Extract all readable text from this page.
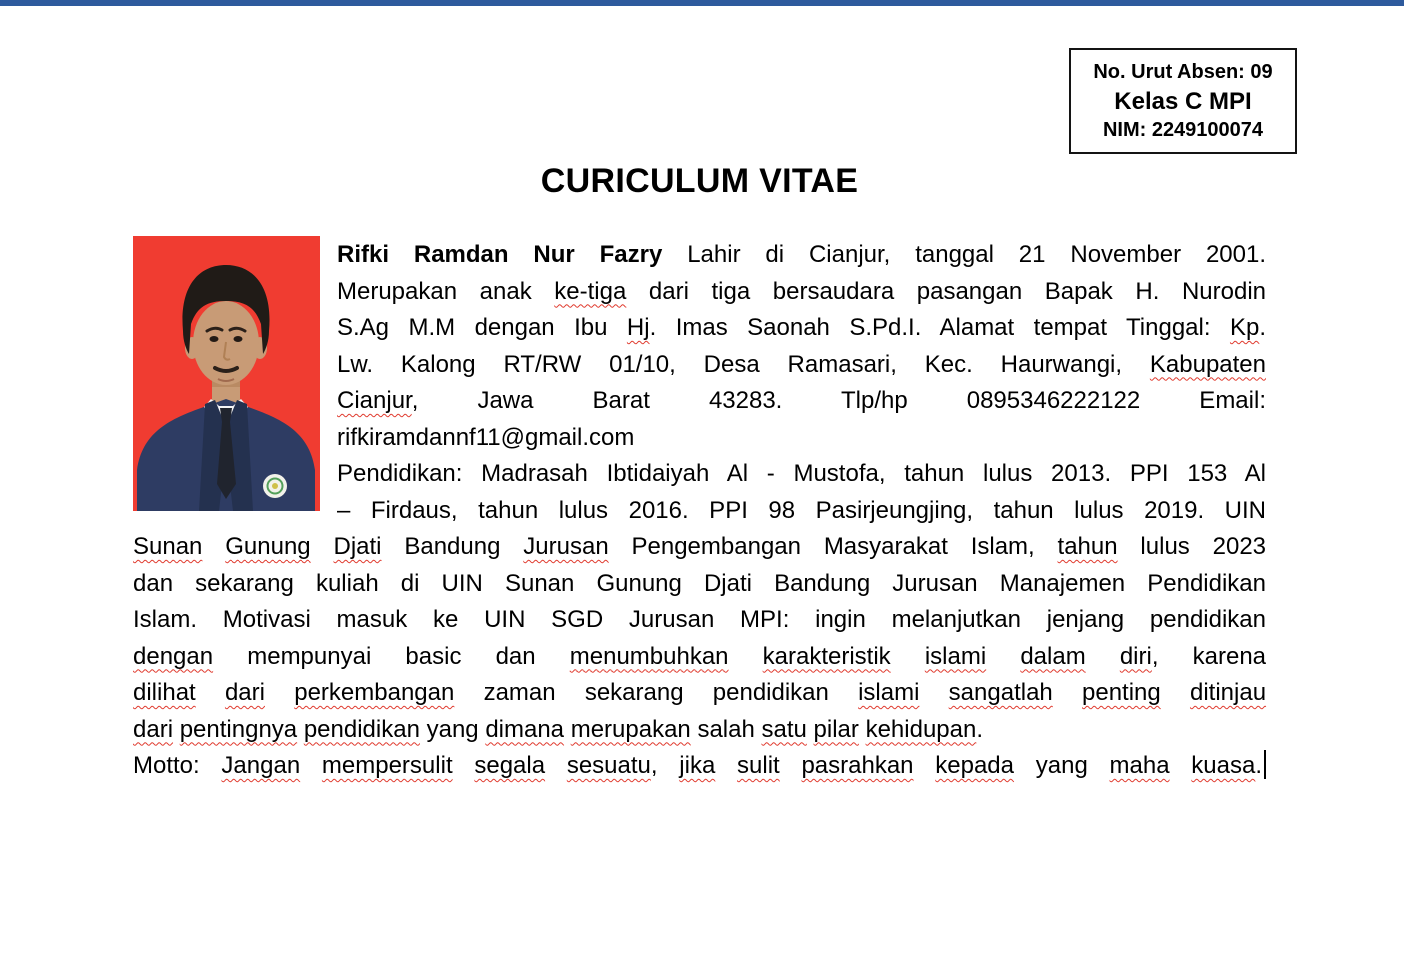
No. Urut Absen: 09
Kelas C MPI
NIM: 2249100074
CURICULUM VITAE
Rifki Ramdan Nur Fazry Lahir di Cianjur, tanggal 21 November 2001.
Merupakan anak ke-tiga dari tiga bersaudara pasangan Bapak H. Nurodin
S.Ag M.M dengan Ibu Hj. Imas Saonah S.Pd.I. Alamat tempat Tinggal: Kp.
Lw. Kalong RT/RW 01/10, Desa Ramasari, Kec. Haurwangi, Kabupaten
Cianjur, Jawa Barat 43283. Tlp/hp 0895346222122 Email:
rifkiramdannf11@gmail.com
Pendidikan: Madrasah Ibtidaiyah Al - Mustofa, tahun lulus 2013. PPI 153 Al
– Firdaus, tahun lulus 2016. PPI 98 Pasirjeungjing, tahun lulus 2019. UIN
Sunan Gunung Djati Bandung Jurusan Pengembangan Masyarakat Islam, tahun lulus 2023
dan sekarang kuliah di UIN Sunan Gunung Djati Bandung Jurusan Manajemen Pendidikan
Islam. Motivasi masuk ke UIN SGD Jurusan MPI: ingin melanjutkan jenjang pendidikan
dengan mempunyai basic dan menumbuhkan karakteristik islami dalam diri, karena
dilihat dari perkembangan zaman sekarang pendidikan islami sangatlah penting ditinjau
dari pentingnya pendidikan yang dimana merupakan salah satu pilar kehidupan.
Motto: Jangan mempersulit segala sesuatu, jika sulit pasrahkan kepada yang maha kuasa.
